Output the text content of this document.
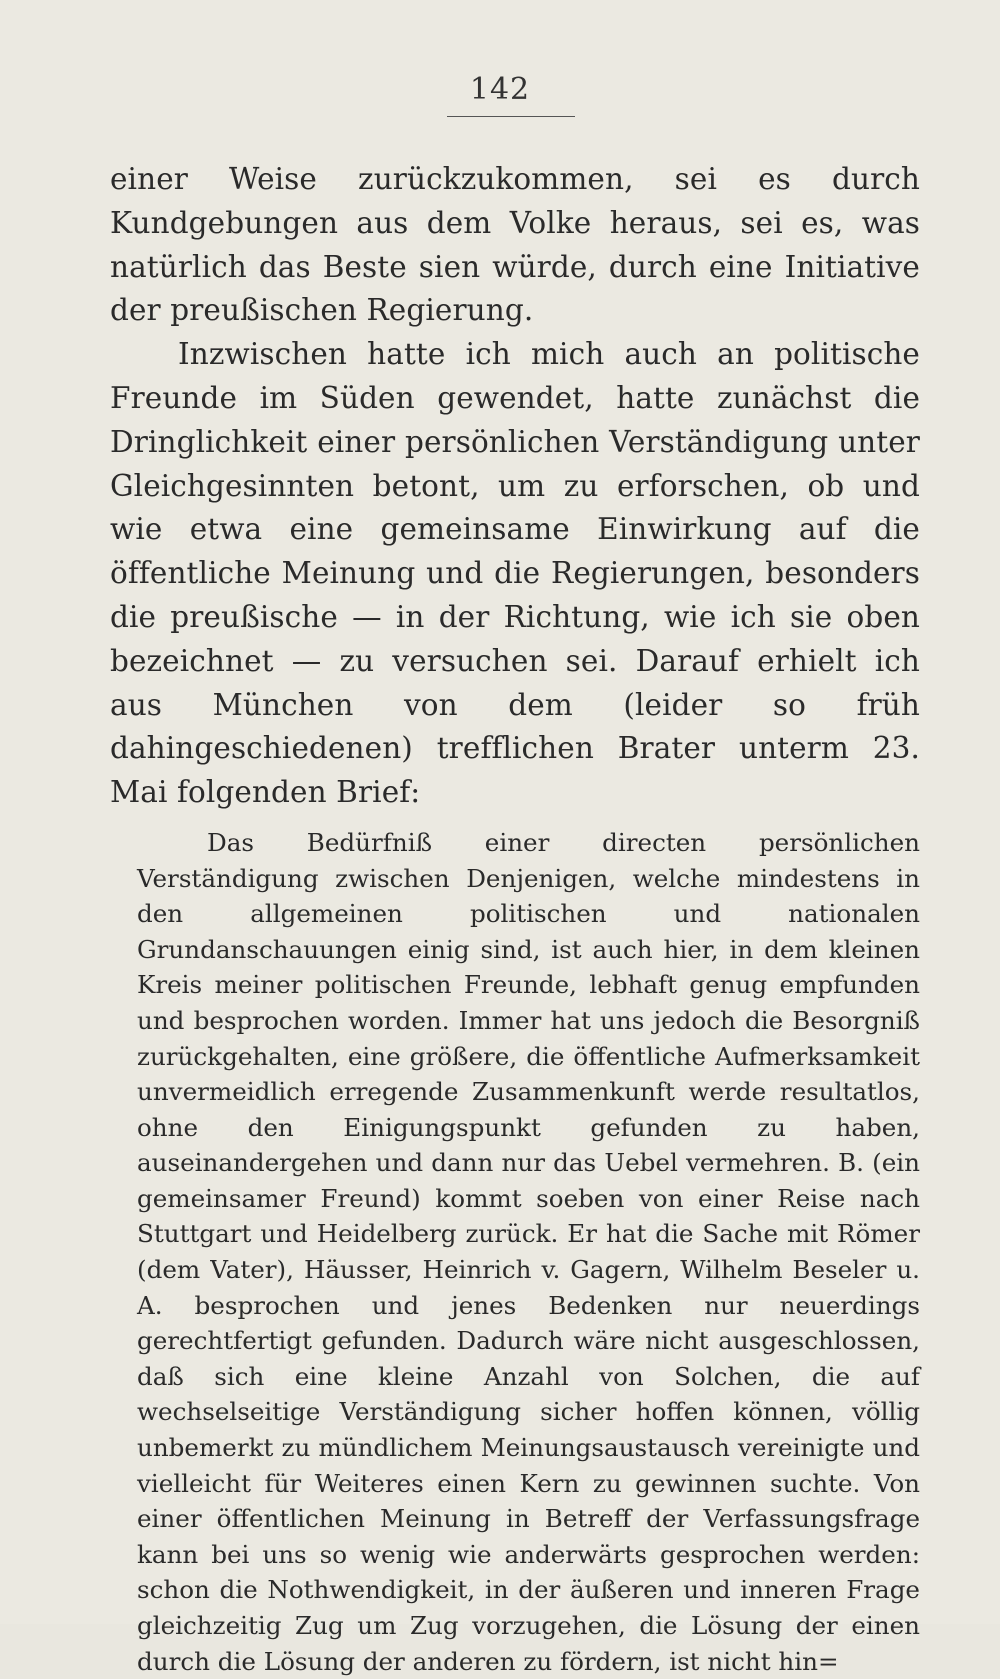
142

einer Weise zurückzukommen, sei es durch Kundgebungen aus dem Volke heraus, sei es, was natürlich das Beste sien würde, durch eine Initiative der preußischen Regierung.

Inzwischen hatte ich mich auch an politische Freunde im Süden gewendet, hatte zunächst die Dringlichkeit einer persönlichen Verständigung unter Gleichgesinnten betont, um zu erforschen, ob und wie etwa eine gemeinsame Einwirkung auf die öffentliche Meinung und die Regierungen, besonders die preußische — in der Richtung, wie ich sie oben bezeichnet — zu versuchen sei. Darauf erhielt ich aus München von dem (leider so früh dahingeschiedenen) trefflichen Brater unterm 23. Mai folgenden Brief:

Das Bedürfniß einer directen persönlichen Verständigung zwischen Denjenigen, welche mindestens in den allgemeinen politischen und nationalen Grundanschauungen einig sind, ist auch hier, in dem kleinen Kreis meiner politischen Freunde, lebhaft genug empfunden und besprochen worden. Immer hat uns jedoch die Besorgniß zurückgehalten, eine größere, die öffentliche Aufmerksamkeit unvermeidlich erregende Zusammenkunft werde resultatlos, ohne den Einigungspunkt gefunden zu haben, auseinandergehen und dann nur das Uebel vermehren. B. (ein gemeinsamer Freund) kommt soeben von einer Reise nach Stuttgart und Heidelberg zurück. Er hat die Sache mit Römer (dem Vater), Häusser, Heinrich v. Gagern, Wilhelm Beseler u. A. besprochen und jenes Bedenken nur neuerdings gerechtfertigt gefunden. Dadurch wäre nicht ausgeschlossen, daß sich eine kleine Anzahl von Solchen, die auf wechselseitige Verständigung sicher hoffen können, völlig unbemerkt zu mündlichem Meinungsaustausch vereinigte und vielleicht für Weiteres einen Kern zu gewinnen suchte. Von einer öffentlichen Meinung in Betreff der Verfassungsfrage kann bei uns so wenig wie anderwärts gesprochen werden: schon die Nothwendigkeit, in der äußeren und inneren Frage gleichzeitig Zug um Zug vorzugehen, die Lösung der einen durch die Lösung der anderen zu fördern, ist nicht hin=
